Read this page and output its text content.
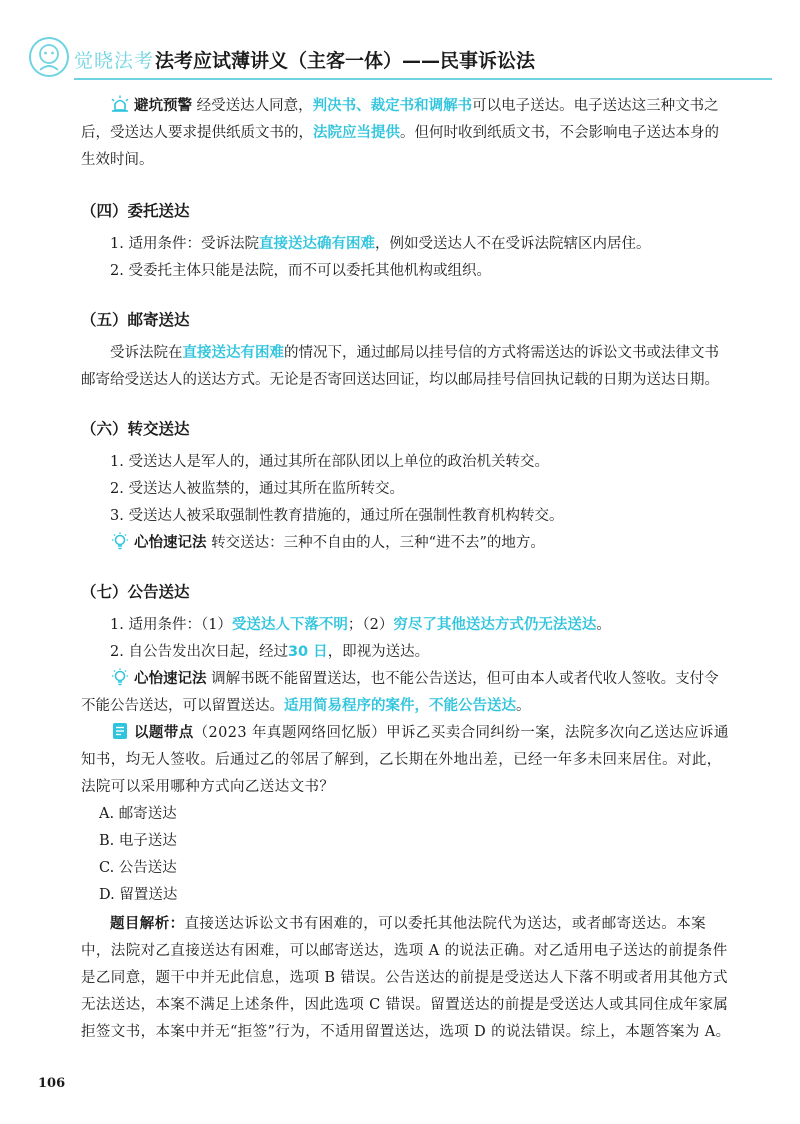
觉晓法考 法考应试薄讲义（主客一体）——民事诉讼法

避坑预警 经受送达人同意，判决书、裁定书和调解书可以电子送达。电子送达这三种文书之后，受送达人要求提供纸质文书的，法院应当提供。但何时收到纸质文书，不会影响电子送达本身的生效时间。

（四）委托送达

1. 适用条件：受诉法院直接送达确有困难，例如受送达人不在受诉法院辖区内居住。

2. 受委托主体只能是法院，而不可以委托其他机构或组织。

（五）邮寄送达

受诉法院在直接送达有困难的情况下，通过邮局以挂号信的方式将需送达的诉讼文书或法律文书邮寄给受送达人的送达方式。无论是否寄回送达回证，均以邮局挂号信回执记载的日期为送达日期。

（六）转交送达

1. 受送达人是军人的，通过其所在部队团以上单位的政治机关转交。

2. 受送达人被监禁的，通过其所在监所转交。

3. 受送达人被采取强制性教育措施的，通过所在强制性教育机构转交。

心怡速记法 转交送达：三种不自由的人，三种“进不去”的地方。

（七）公告送达

1. 适用条件：（1）受送达人下落不明；（2）穷尽了其他送达方式仍无法送达。

2. 自公告发出次日起，经过30 日，即视为送达。

心怡速记法 调解书既不能留置送达，也不能公告送达，但可由本人或者代收人签收。支付令不能公告送达，可以留置送达。适用简易程序的案件，不能公告送达。

以题带点（2023 年真题网络回忆版）甲诉乙买卖合同纠纷一案，法院多次向乙送达应诉通知书，均无人签收。后通过乙的邻居了解到，乙长期在外地出差，已经一年多未回来居住。对此，法院可以采用哪种方式向乙送达文书？

A. 邮寄送达
B. 电子送达
C. 公告送达
D. 留置送达

题目解析：直接送达诉讼文书有困难的，可以委托其他法院代为送达，或者邮寄送达。本案中，法院对乙直接送达有困难，可以邮寄送达，选项 A 的说法正确。对乙适用电子送达的前提条件是乙同意，题干中并无此信息，选项 B 错误。公告送达的前提是受送达人下落不明或者用其他方式无法送达，本案不满足上述条件，因此选项 C 错误。留置送达的前提是受送达人或其同住成年家属拒签文书，本案中并无“拒签”行为，不适用留置送达，选项 D 的说法错误。综上，本题答案为 A。

106
